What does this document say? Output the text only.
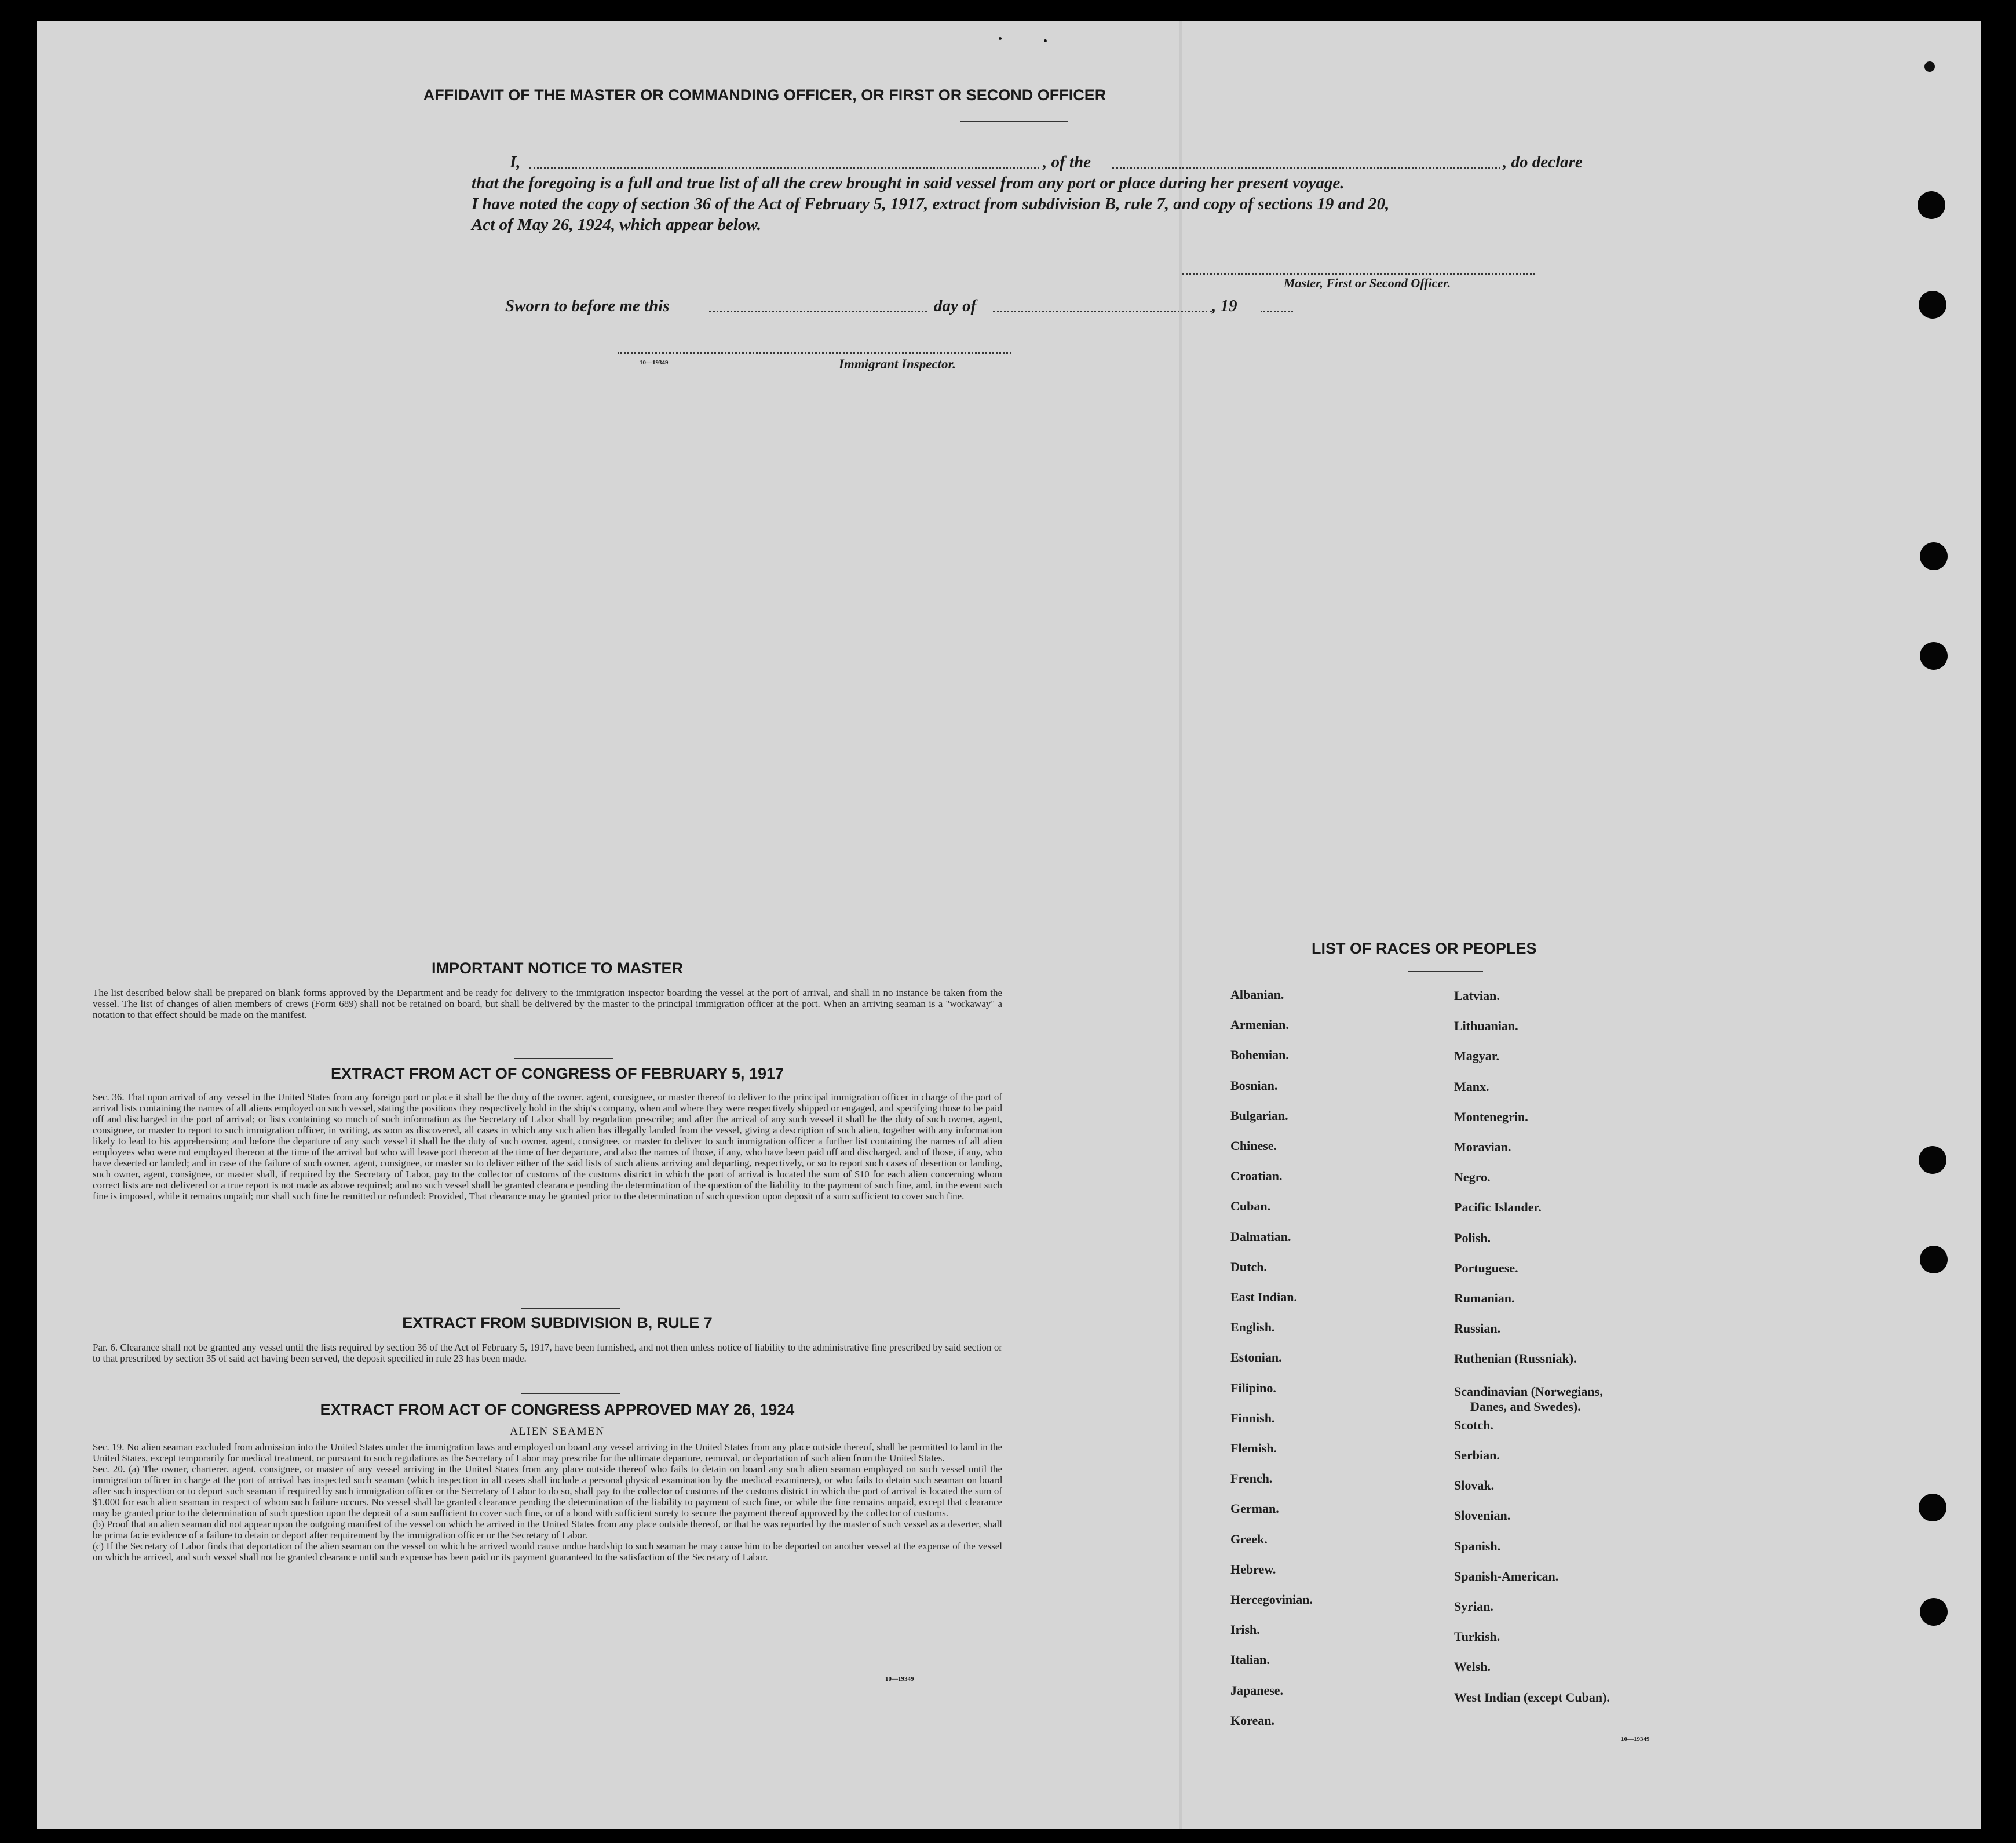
AFFIDAVIT OF THE MASTER OR COMMANDING OFFICER, OR FIRST OR SECOND OFFICER
I,	, of the	, do declare
that the foregoing is a full and true list of all the crew brought in said vessel from any port or place during her present voyage.
I have noted the copy of section 36 of the Act of February 5, 1917, extract from subdivision B, rule 7, and copy of sections 19 and 20,
Act of May 26, 1924, which appear below.
Master, First or Second Officer.
Sworn to before me this	day of	, 19
10—19349	Immigrant Inspector.
IMPORTANT NOTICE TO MASTER
The list described below shall be prepared on blank forms approved by the Department and be ready for delivery to the immigration inspector boarding the vessel at the port of arrival, and shall in no instance be taken from the vessel. The list of changes of alien members of crews (Form 689) shall not be retained on board, but shall be delivered by the master to the principal immigration officer at the port. When an arriving seaman is a "workaway" a notation to that effect should be made on the manifest.
EXTRACT FROM ACT OF CONGRESS OF FEBRUARY 5, 1917
Sec. 36. That upon arrival of any vessel in the United States from any foreign port or place it shall be the duty of the owner, agent, consignee, or master thereof to deliver to the principal immigration officer in charge of the port of arrival lists containing the names of all aliens employed on such vessel, stating the positions they respectively hold in the ship's company, when and where they were respectively shipped or engaged, and specifying those to be paid off and discharged in the port of arrival; or lists containing so much of such information as the Secretary of Labor shall by regulation prescribe; and after the arrival of any such vessel it shall be the duty of such owner, agent, consignee, or master to report to such immigration officer, in writing, as soon as discovered, all cases in which any such alien has illegally landed from the vessel, giving a description of such alien, together with any information likely to lead to his apprehension; and before the departure of any such vessel it shall be the duty of such owner, agent, consignee, or master to deliver to such immigration officer a further list containing the names of all alien employees who were not employed thereon at the time of the arrival but who will leave port thereon at the time of her departure, and also the names of those, if any, who have been paid off and discharged, and of those, if any, who have deserted or landed; and in case of the failure of such owner, agent, consignee, or master so to deliver either of the said lists of such aliens arriving and departing, respectively, or so to report such cases of desertion or landing, such owner, agent, consignee, or master shall, if required by the Secretary of Labor, pay to the collector of customs of the customs district in which the port of arrival is located the sum of $10 for each alien concerning whom correct lists are not delivered or a true report is not made as above required; and no such vessel shall be granted clearance pending the determination of the question of the liability to the payment of such fine, and, in the event such fine is imposed, while it remains unpaid; nor shall such fine be remitted or refunded: Provided, That clearance may be granted prior to the determination of such question upon deposit of a sum sufficient to cover such fine.
EXTRACT FROM SUBDIVISION B, RULE 7
Par. 6. Clearance shall not be granted any vessel until the lists required by section 36 of the Act of February 5, 1917, have been furnished, and not then unless notice of liability to the administrative fine prescribed by said section or to that prescribed by section 35 of said act having been served, the deposit specified in rule 23 has been made.
EXTRACT FROM ACT OF CONGRESS APPROVED MAY 26, 1924
ALIEN SEAMEN
Sec. 19. No alien seaman excluded from admission into the United States under the immigration laws and employed on board any vessel arriving in the United States from any place outside thereof, shall be permitted to land in the United States, except temporarily for medical treatment, or pursuant to such regulations as the Secretary of Labor may prescribe for the ultimate departure, removal, or deportation of such alien from the United States.
Sec. 20. (a) The owner, charterer, agent, consignee, or master of any vessel arriving in the United States from any place outside thereof who fails to detain on board any such alien seaman employed on such vessel until the immigration officer in charge at the port of arrival has inspected such seaman (which inspection in all cases shall include a personal physical examination by the medical examiners), or who fails to detain such seaman on board after such inspection or to deport such seaman if required by such immigration officer or the Secretary of Labor to do so, shall pay to the collector of customs of the customs district in which the port of arrival is located the sum of $1,000 for each alien seaman in respect of whom such failure occurs. No vessel shall be granted clearance pending the determination of the liability to payment of such fine, or while the fine remains unpaid, except that clearance may be granted prior to the determination of such question upon the deposit of a sum sufficient to cover such fine, or of a bond with sufficient surety to secure the payment thereof approved by the collector of customs.
(b) Proof that an alien seaman did not appear upon the outgoing manifest of the vessel on which he arrived in the United States from any place outside thereof, or that he was reported by the master of such vessel as a deserter, shall be prima facie evidence of a failure to detain or deport after requirement by the immigration officer or the Secretary of Labor.
(c) If the Secretary of Labor finds that deportation of the alien seaman on the vessel on which he arrived would cause undue hardship to such seaman he may cause him to be deported on another vessel at the expense of the vessel on which he arrived, and such vessel shall not be granted clearance until such expense has been paid or its payment guaranteed to the satisfaction of the Secretary of Labor.
10—19349
LIST OF RACES OR PEOPLES
10—19349
Albanian.
Armenian.
Bohemian.
Bosnian.
Bulgarian.
Chinese.
Croatian.
Cuban.
Dalmatian.
Dutch.
East Indian.
English.
Estonian.
Filipino.
Finnish.
Flemish.
French.
German.
Greek.
Hebrew.
Hercegovinian.
Irish.
Italian.
Japanese.
Korean.
Latvian.
Lithuanian.
Magyar.
Manx.
Montenegrin.
Moravian.
Negro.
Pacific Islander.
Polish.
Portuguese.
Rumanian.
Russian.
Ruthenian (Russniak).
Scandinavian (Norwegians,
Danes, and Swedes).
Scotch.
Serbian.
Slovak.
Slovenian.
Spanish.
Spanish-American.
Syrian.
Turkish.
Welsh.
West Indian (except Cuban).
